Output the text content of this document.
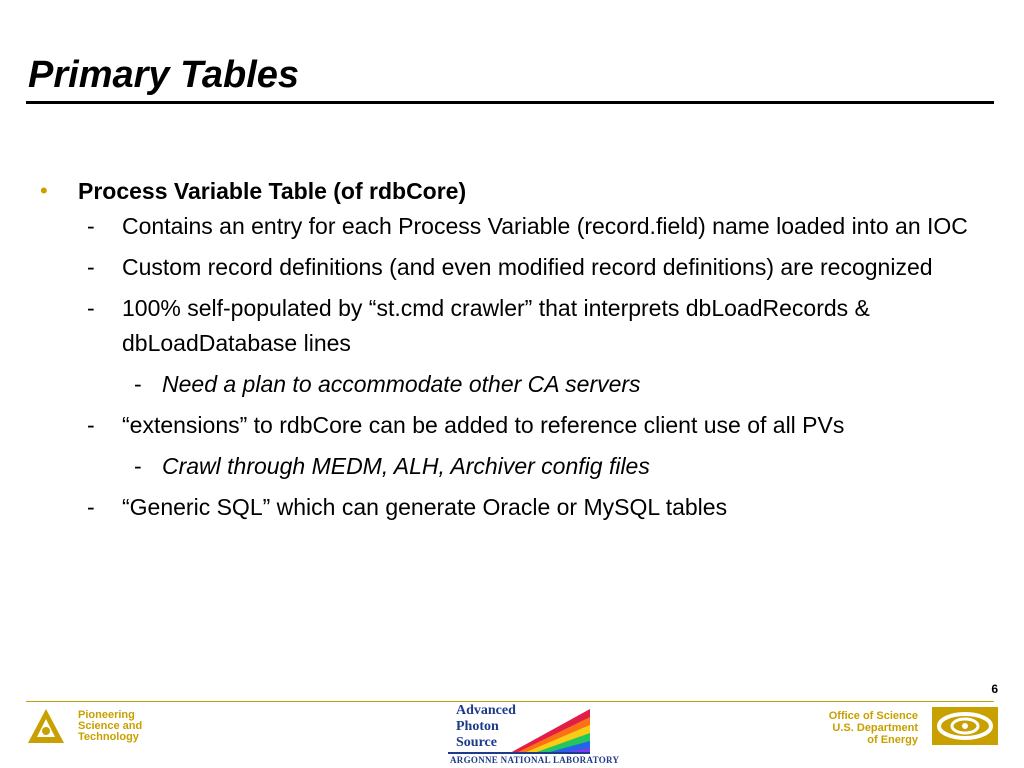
Primary Tables
• Process Variable Table (of rdbCore)
- Contains an entry for each Process Variable (record.field) name loaded into an IOC
- Custom record definitions (and even modified record definitions) are recognized
- 100% self-populated by “st.cmd crawler” that interprets dbLoadRecords & dbLoadDatabase lines
- Need a plan to accommodate other CA servers
- “extensions” to rdbCore can be added to reference client use of all PVs
- Crawl through MEDM, ALH, Archiver config files
- “Generic SQL” which can generate Oracle or MySQL tables
6
Pioneering
Science and
Technology
Advanced
Photon
Source
ARGONNE NATIONAL LABORATORY
Office of Science
U.S. Department
of Energy
